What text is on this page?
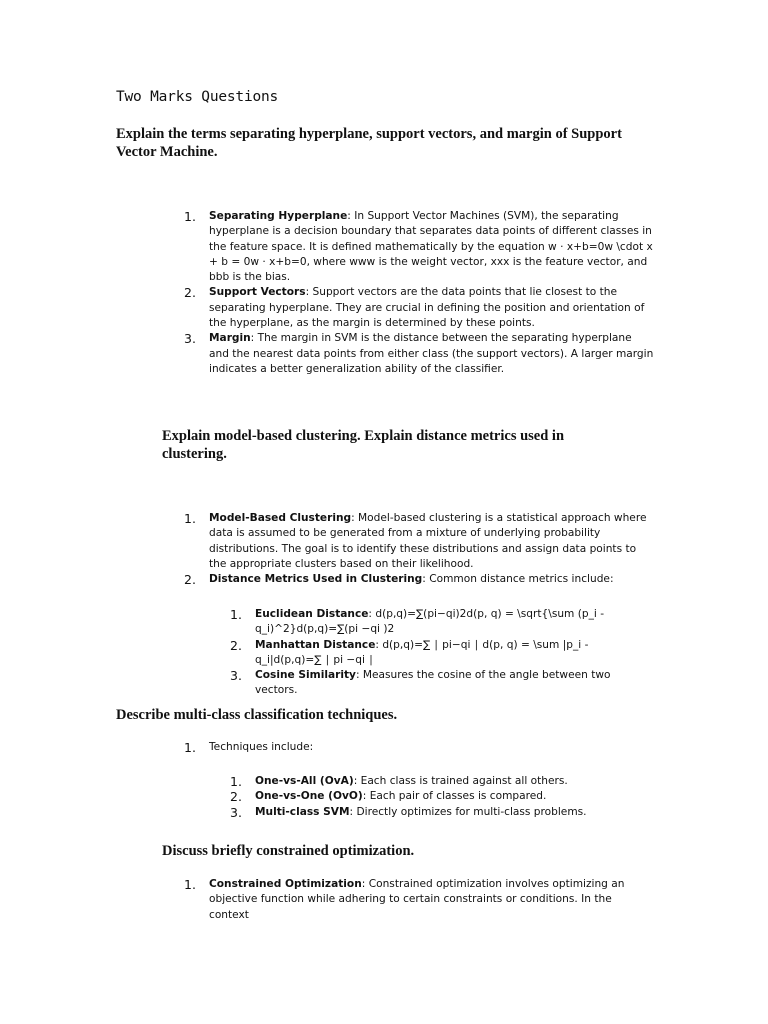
Two Marks Questions
Explain the terms separating hyperplane, support vectors, and margin of Support Vector Machine.
1.	Separating Hyperplane: In Support Vector Machines (SVM), the separating hyperplane is a decision boundary that separates data points of different classes in the feature space. It is defined mathematically by the equation w · x+b=0w \cdot x + b = 0w · x+b=0, where www is the weight vector, xxx is the feature vector, and bbb is the bias.
2.	Support Vectors: Support vectors are the data points that lie closest to the separating hyperplane. They are crucial in defining the position and orientation of the hyperplane, as the margin is determined by these points.
3.	Margin: The margin in SVM is the distance between the separating hyperplane and the nearest data points from either class (the support vectors). A larger margin indicates a better generalization ability of the classifier.
Explain model-based clustering. Explain distance metrics used in clustering.
1.	Model-Based Clustering: Model-based clustering is a statistical approach where data is assumed to be generated from a mixture of underlying probability distributions. The goal is to identify these distributions and assign data points to the appropriate clusters based on their likelihood.
2.	Distance Metrics Used in Clustering: Common distance metrics include:
1.	Euclidean Distance: d(p,q)=∑(pi−qi)2d(p, q) = \sqrt{\sum (p_i - q_i)^2}d(p,q)=∑(pi −qi )2
2.	Manhattan Distance: d(p,q)=∑ ∣ pi−qi ∣ d(p, q) = \sum |p_i - q_i|d(p,q)=∑ ∣ pi −qi ∣
3.	Cosine Similarity: Measures the cosine of the angle between two vectors.
Describe multi-class classification techniques.
1.	Techniques include:
1.	One-vs-All (OvA): Each class is trained against all others.
2.	One-vs-One (OvO): Each pair of classes is compared.
3.	Multi-class SVM: Directly optimizes for multi-class problems.
Discuss briefly constrained optimization.
1.	Constrained Optimization: Constrained optimization involves optimizing an objective function while adhering to certain constraints or conditions. In the context
